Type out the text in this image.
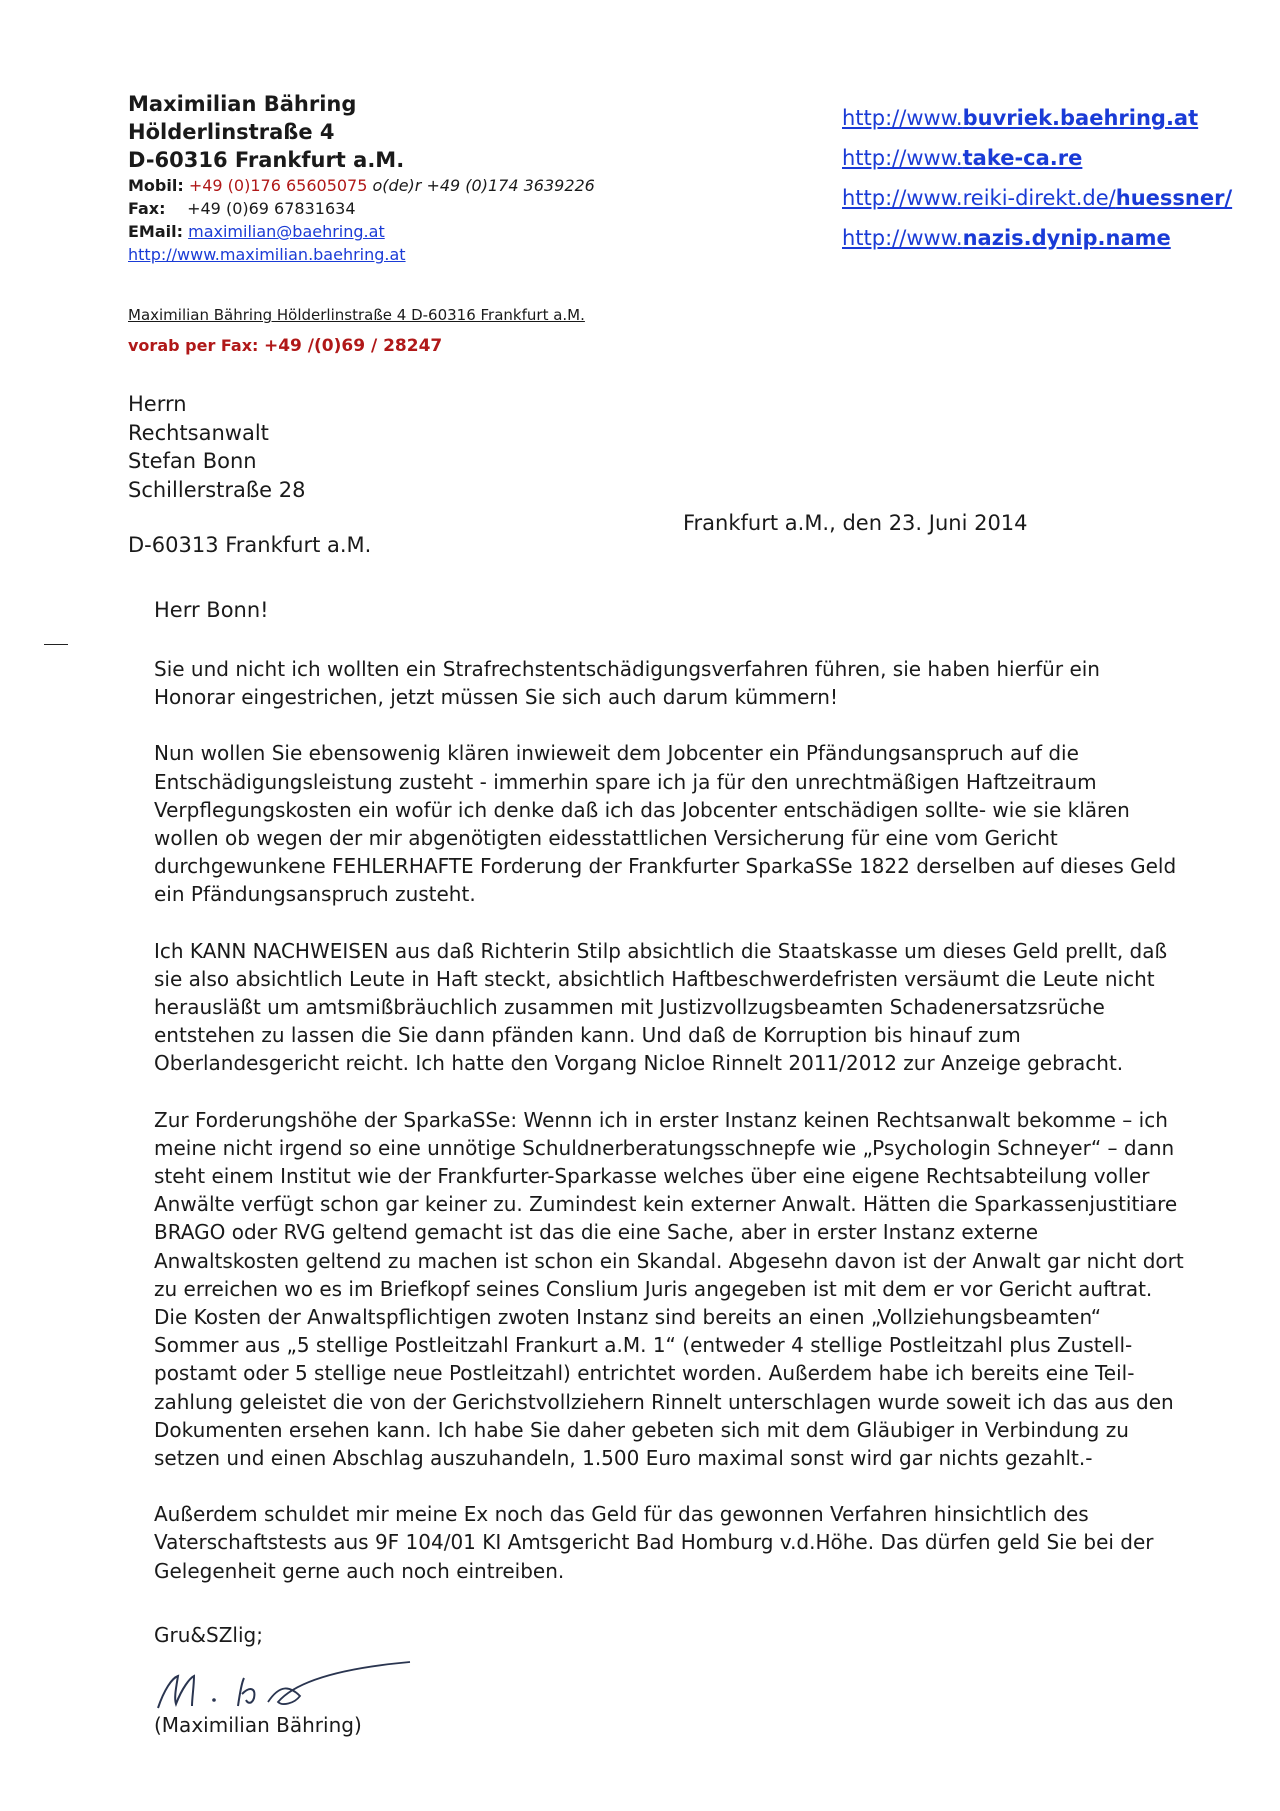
Maximilian Bähring
Hölderlinstraße 4
D-60316 Frankfurt a.M.
Mobil: +49 (0)176 65605075 o(de)r +49 (0)174 3639226
Fax: +49 (0)69 67831634
EMail: maximilian@baehring.at
http://www.maximilian.baehring.at
http://www.buvriek.baehring.at
http://www.take-ca.re
http://www.reiki-direkt.de/huessner/
http://www.nazis.dynip.name
Maximilian Bähring Hölderlinstraße 4 D-60316 Frankfurt a.M.
vorab per Fax: +49 /(0)69 / 28247
Herrn
Rechtsanwalt
Stefan Bonn
Schillerstraße 28
D-60313 Frankfurt a.M.
Frankfurt a.M., den 23. Juni 2014
Herr Bonn!

Sie und nicht ich wollten ein Strafrechstentschädigungsverfahren führen, sie haben hierfür ein Honorar eingestrichen, jetzt müssen Sie sich auch darum kümmern!

Nun wollen Sie ebensowenig klären inwieweit dem Jobcenter ein Pfändungsanspruch auf die Entschädigungsleistung zusteht - immerhin spare ich ja für den unrechtmäßigen Haftzeitraum Verpflegungskosten ein wofür ich denke daß ich das Jobcenter entschädigen sollte- wie sie klären wollen ob wegen der mir abgenötigten eidesstattlichen Versicherung für eine vom Gericht durchgewunkene FEHLERHAFTE Forderung der Frankfurter SparkaSSe 1822 derselben auf dieses Geld ein Pfändungsanspruch zusteht.

Ich KANN NACHWEISEN aus daß Richterin Stilp absichtlich die Staatskasse um dieses Geld prellt, daß sie also absichtlich Leute in Haft steckt, absichtlich Haftbeschwerdefristen versäumt die Leute nicht herausläßt um amtsmißbräuchlich zusammen mit Justizvollzugsbeamten Schadenersatzsrüche entstehen zu lassen die Sie dann pfänden kann. Und daß de Korruption bis hinauf zum Oberlandesgericht reicht. Ich hatte den Vorgang Nicloe Rinnelt 2011/2012 zur Anzeige gebracht.

Zur Forderungshöhe der SparkaSSe: Wennn ich in erster Instanz keinen Rechtsanwalt bekomme – ich meine nicht irgend so eine unnötige Schuldnerberatungsschnepfe wie „Psychologin Schneyer“ – dann steht einem Institut wie der Frankfurter-Sparkasse welches über eine eigene Rechtsabteilung voller Anwälte verfügt schon gar keiner zu. Zumindest kein externer Anwalt. Hätten die Sparkassenjustitiare BRAGO oder RVG geltend gemacht ist das die eine Sache, aber in erster Instanz externe Anwaltskosten geltend zu machen ist schon ein Skandal. Abgesehn davon ist der Anwalt gar nicht dort zu erreichen wo es im Briefkopf seines Conslium Juris angegeben ist mit dem er vor Gericht auftrat. Die Kosten der Anwaltspflichtigen zwoten Instanz sind bereits an einen „Vollziehungsbeamten“ Sommer aus „5 stellige Postleitzahl Frankurt a.M. 1“ (entweder 4 stellige Postleitzahl plus Zustell-postamt oder 5 stellige neue Postleitzahl) entrichtet worden. Außerdem habe ich bereits eine Teil-zahlung geleistet die von der Gerichstvollziehern Rinnelt unterschlagen wurde soweit ich das aus den Dokumenten ersehen kann. Ich habe Sie daher gebeten sich mit dem Gläubiger in Verbindung zu setzen und einen Abschlag auszuhandeln, 1.500 Euro maximal sonst wird gar nichts gezahlt.-

Außerdem schuldet mir meine Ex noch das Geld für das gewonnen Verfahren hinsichtlich des Vaterschaftstests aus 9F 104/01 KI Amtsgericht Bad Homburg v.d.Höhe. Das dürfen geld Sie bei der Gelegenheit gerne auch noch eintreiben.

Gru&SZlig;
(Maximilian Bähring)
